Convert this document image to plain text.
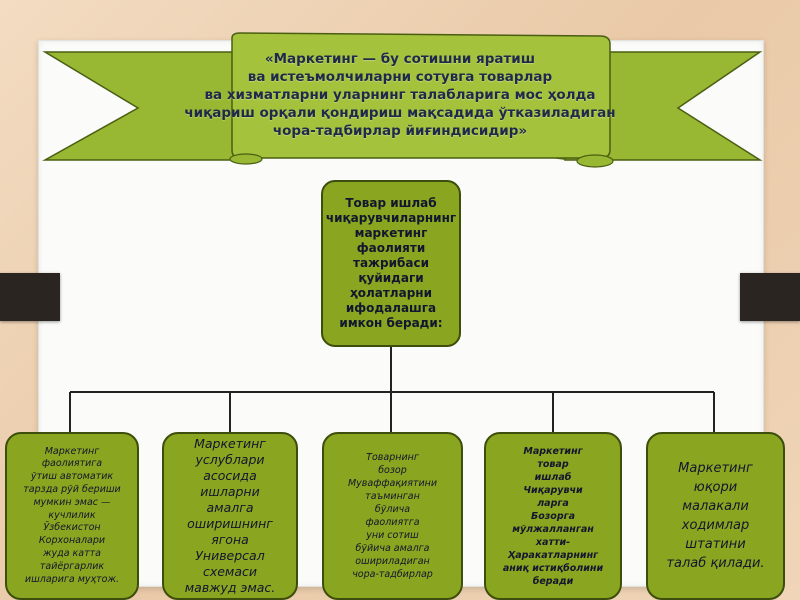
«Маркетинг — бу сотишни яратиш
ва истеъмолчиларни сотувга товарлар
ва хизматларни уларнинг талабларига мос ҳолда
чиқариш орқали қондириш мақсадида ўтказиладиган
чора-тадбирлар йиғиндисидир»
Товар ишлаб
чиқарувчиларнинг
маркетинг
фаолияти
тажрибаси
қуйидаги
ҳолатларни
ифодалашга
имкон беради:
Маркетинг
фаолиятига
ўтиш автоматик
тарзда рўй бериши
мумкин эмас —
кучлилик
Ўзбекистон
Корхоналари
жуда катта
тайёргарлик
ишларига муҳтож.
Маркетинг
услублари
асосида
ишларни
амалга
оширишнинг
ягона
Универсал
схемаси
мавжуд эмас.
Товарнинг
бозор
Муваффақиятини
таъминган
бўлича
фаолиятга
уни сотиш
бўйича амалга
ошириладиган
чора-тадбирлар
Маркетинг
товар
ишлаб
Чиқарувчи
ларга
Бозорга
мўлжалланган
хатти-
Ҳаракатларнинг
аниқ истиқболини
беради
Маркетинг
юқори
малакали
ходимлар
штатини
талаб қилади.
